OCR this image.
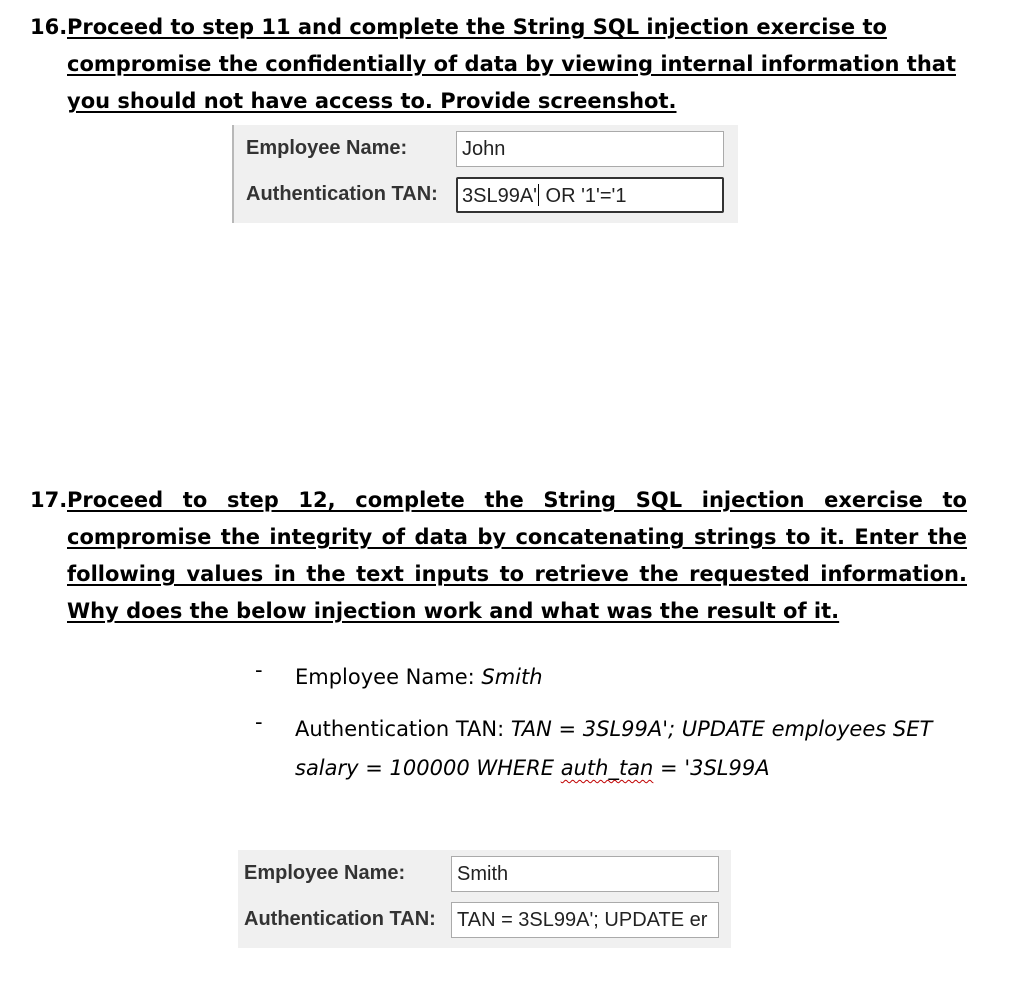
16. Proceed to step 11 and complete the String SQL injection exercise to compromise the confidentially of data by viewing internal information that you should not have access to. Provide screenshot.
Employee Name:	John
Authentication TAN:	3SL99A' OR '1'='1
17. Proceed to step 12, complete the String SQL injection exercise to compromise the integrity of data by concatenating strings to it. Enter the following values in the text inputs to retrieve the requested information. Why does the below injection work and what was the result of it.
- Employee Name: Smith
- Authentication TAN: TAN = 3SL99A'; UPDATE employees SET salary = 100000 WHERE auth_tan = '3SL99A
Employee Name:	Smith
Authentication TAN:	TAN = 3SL99A'; UPDATE er
